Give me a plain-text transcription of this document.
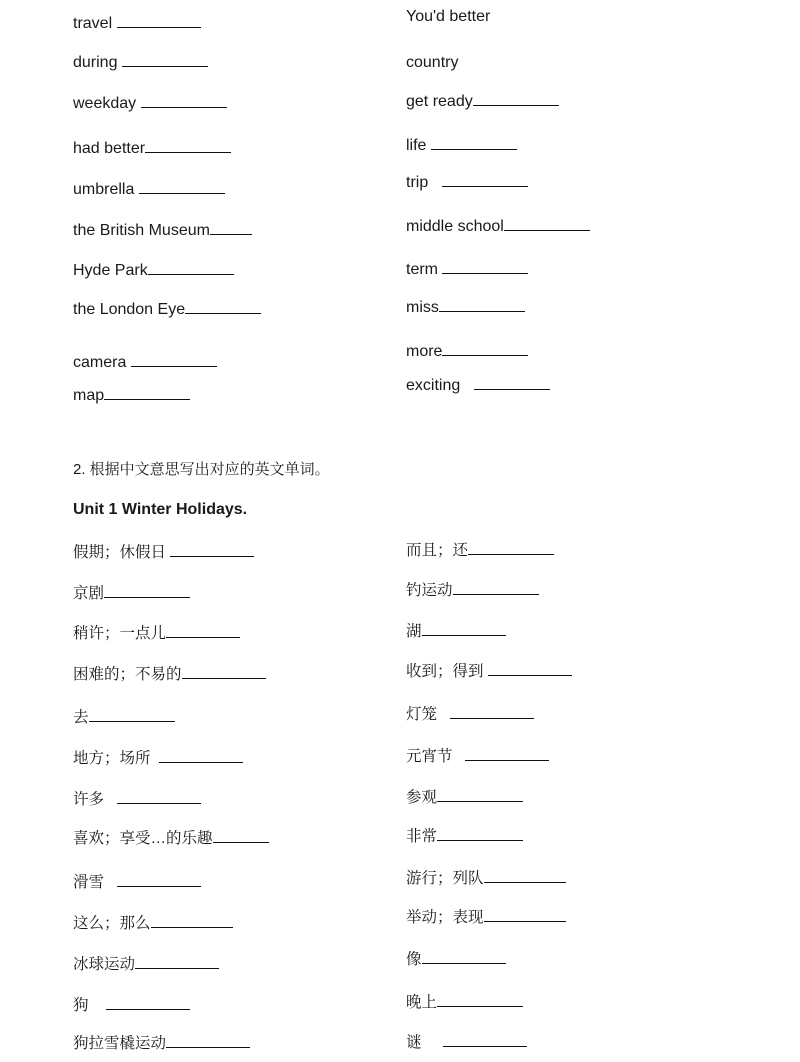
travel
during
weekday
had better
umbrella
the British Museum
Hyde Park
the London Eye
camera
map
You'd better
country
get ready
life
trip
middle school
term
miss
more
exciting
2. 根据中文意思写出对应的英文单词。
Unit 1 Winter Holidays.
假期；休假日
京剧
稍许；一点儿
困难的；不易的
去
地方；场所
许多
喜欢；享受…的乐趣
滑雪
这么；那么
冰球运动
狗
狗拉雪橇运动
而且；还
钓运动
湖
收到；得到
灯笼
元宵节
参观
非常
游行；列队
举动；表现
像
晚上
谜
